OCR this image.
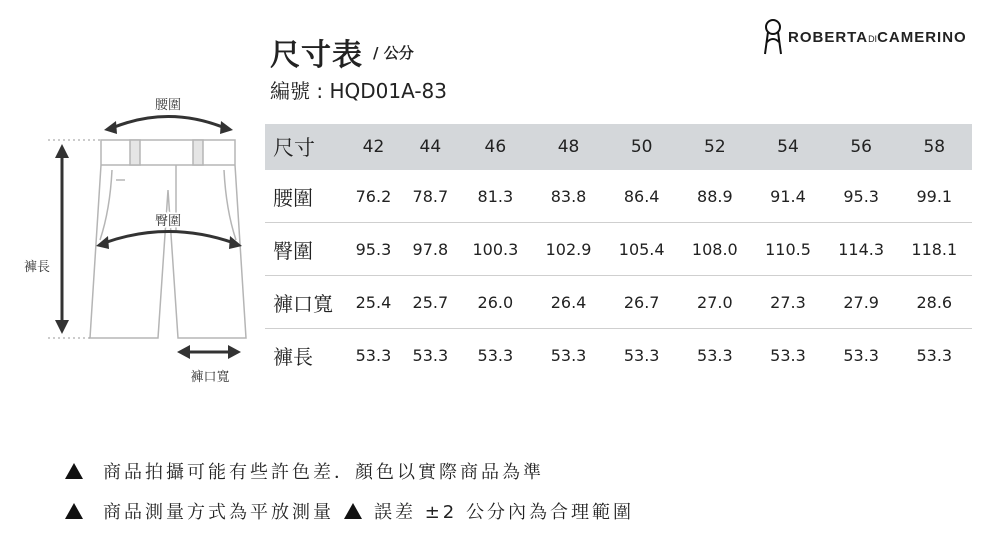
尺寸表 / 公分
編號 : HQD01A-83
ROBERTADICAMERINO
腰圍
臀圍
褲長
褲口寬
尺寸	42	44	46	48	50	52	54	56	58	
腰圍	76.2	78.7	81.3	83.8	86.4	88.9	91.4	95.3	99.1	
臀圍	95.3	97.8	100.3	102.9	105.4	108.0	110.5	114.3	118.1	
褲口寬	25.4	25.7	26.0	26.4	26.7	27.0	27.3	27.9	28.6	
褲長	53.3	53.3	53.3	53.3	53.3	53.3	53.3	53.3	53.3	
商品拍攝可能有些許色差．顏色以實際商品為準
商品測量方式為平放測量 誤差 ±2 公分內為合理範圍
